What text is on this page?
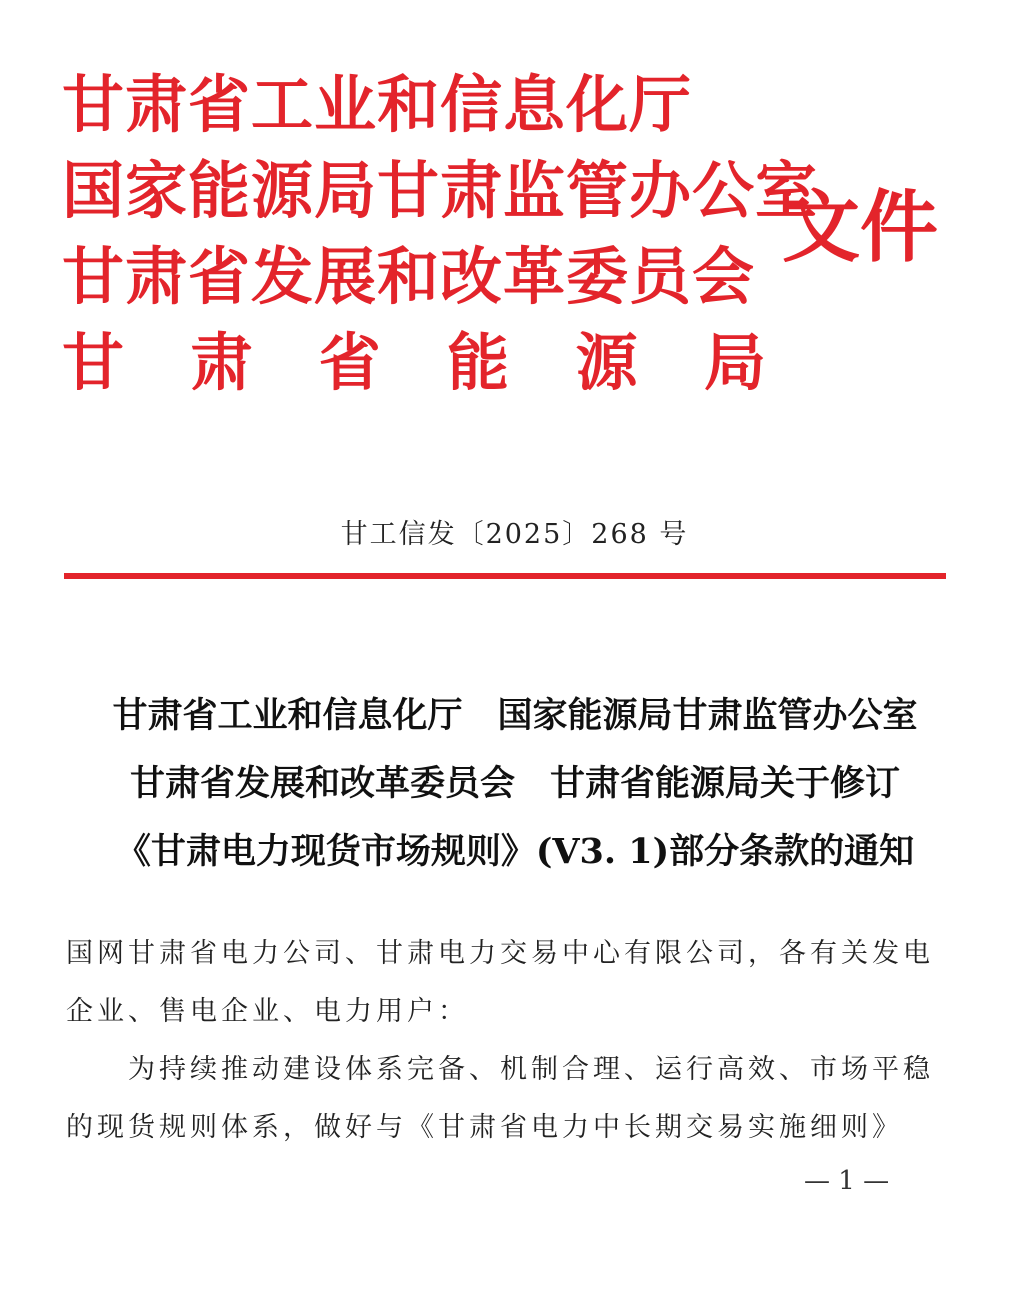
甘肃省工业和信息化厅
国家能源局甘肃监管办公室
甘肃省发展和改革委员会
甘 肃 省 能 源 局
文件
甘工信发〔2025〕268 号
甘肃省工业和信息化厅　国家能源局甘肃监管办公室
甘肃省发展和改革委员会　甘肃省能源局关于修订
《甘肃电力现货市场规则》(V3. 1)部分条款的通知
国网甘肃省电力公司、甘肃电力交易中心有限公司，各有关发电
企业、售电企业、电力用户：
为持续推动建设体系完备、机制合理、运行高效、市场平稳
的现货规则体系，做好与《甘肃省电力中长期交易实施细则》
— 1 —
